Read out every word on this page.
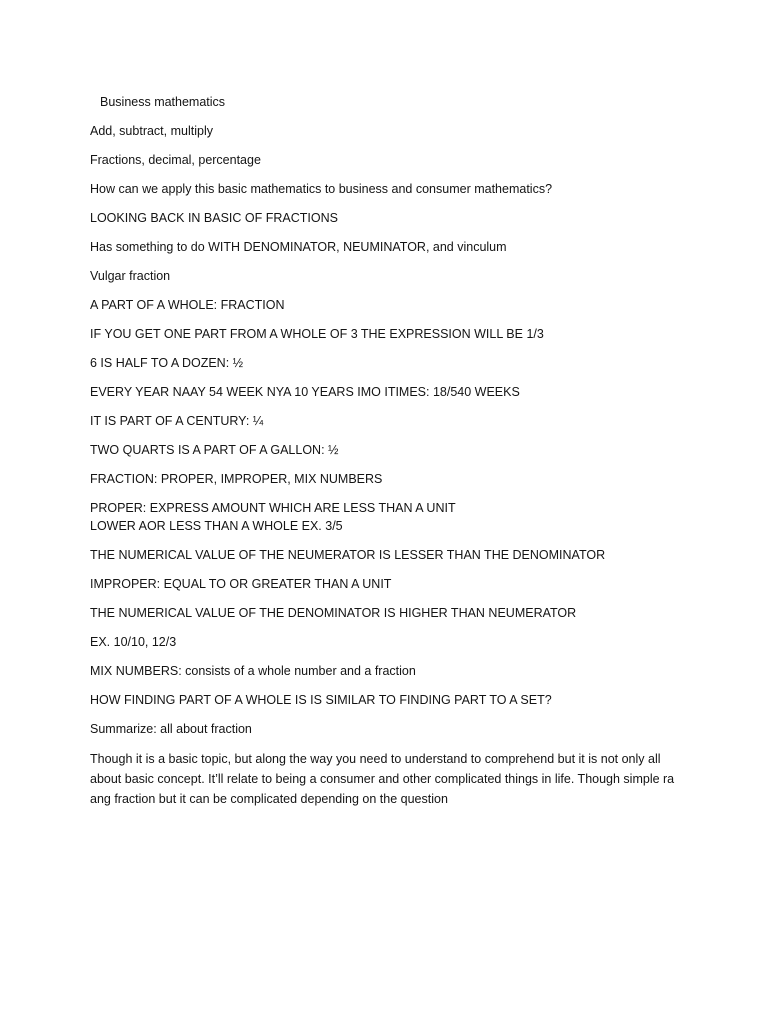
Business mathematics

Add, subtract, multiply

Fractions, decimal, percentage

How can we apply this basic mathematics to business and consumer mathematics?

LOOKING BACK IN BASIC OF FRACTIONS

Has something to do WITH DENOMINATOR, NEUMINATOR, and vinculum

Vulgar fraction

A PART OF A WHOLE: FRACTION

IF YOU GET ONE PART FROM A WHOLE OF 3 THE EXPRESSION WILL BE 1/3

6 IS HALF TO A DOZEN: ½

EVERY YEAR NAAY 54 WEEK NYA 10 YEARS IMO ITIMES: 18/540 WEEKS

IT IS PART OF A CENTURY: ¼

TWO QUARTS IS A PART OF A GALLON: ½

FRACTION: PROPER, IMPROPER, MIX NUMBERS

PROPER: EXPRESS AMOUNT WHICH ARE LESS THAN A UNIT
LOWER AOR LESS THAN A WHOLE EX. 3/5

THE NUMERICAL VALUE OF THE NEUMERATOR IS LESSER THAN THE DENOMINATOR

IMPROPER: EQUAL TO OR GREATER THAN A UNIT

THE NUMERICAL VALUE OF THE DENOMINATOR IS HIGHER THAN NEUMERATOR

EX. 10/10, 12/3

MIX NUMBERS: consists of a whole number and a fraction

HOW FINDING PART OF A WHOLE IS IS SIMILAR TO FINDING PART TO A SET?

Summarize: all about fraction

Though it is a basic topic, but along the way you need to understand to comprehend but it is not only all about basic concept. It’ll relate to being a consumer and other complicated things in life. Though simple ra ang fraction but it can be complicated depending on the question
